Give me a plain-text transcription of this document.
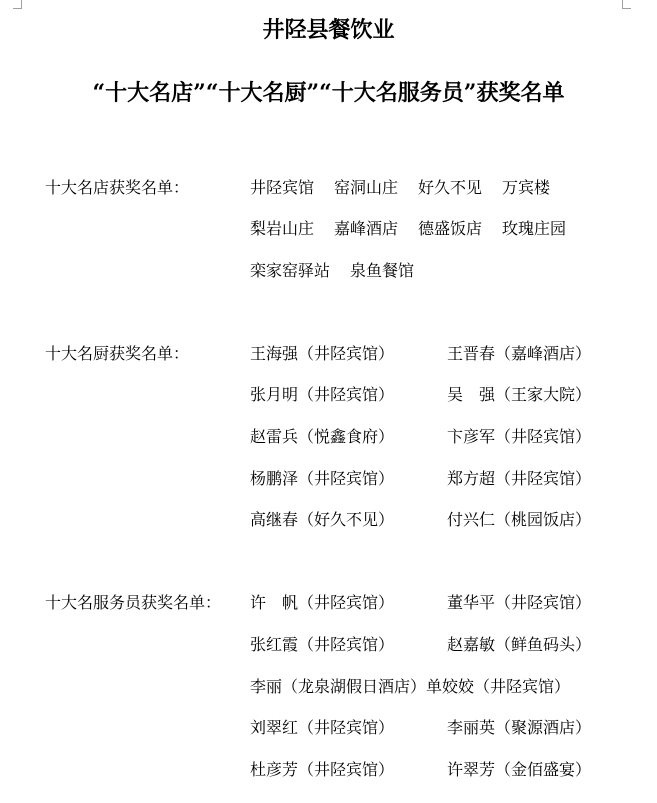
井陉县餐饮业
“十大名店”“十大名厨”“十大名服务员”获奖名单
十大名店获奖名单：	井陉宾馆 窑洞山庄 好久不见 万宾楼
梨岩山庄 嘉峰酒店 德盛饭店 玫瑰庄园
栾家窑驿站 泉鱼餐馆
十大名厨获奖名单：	王海强（井陉宾馆）	王晋春（嘉峰酒店）
张月明（井陉宾馆）	吴　强（王家大院）
赵雷兵（悦鑫食府）	卞彦军（井陉宾馆）
杨鹏泽（井陉宾馆）	郑方超（井陉宾馆）
高继春（好久不见）	付兴仁（桃园饭店）
十大名服务员获奖名单： 许　帆（井陉宾馆）	董华平（井陉宾馆）
张红霞（井陉宾馆）	赵嘉敏（鲜鱼码头）
李丽（龙泉湖假日酒店）单姣姣（井陉宾馆）
刘翠红（井陉宾馆）	李丽英（聚源酒店）
杜彦芳（井陉宾馆）	许翠芳（金佰盛宴）
